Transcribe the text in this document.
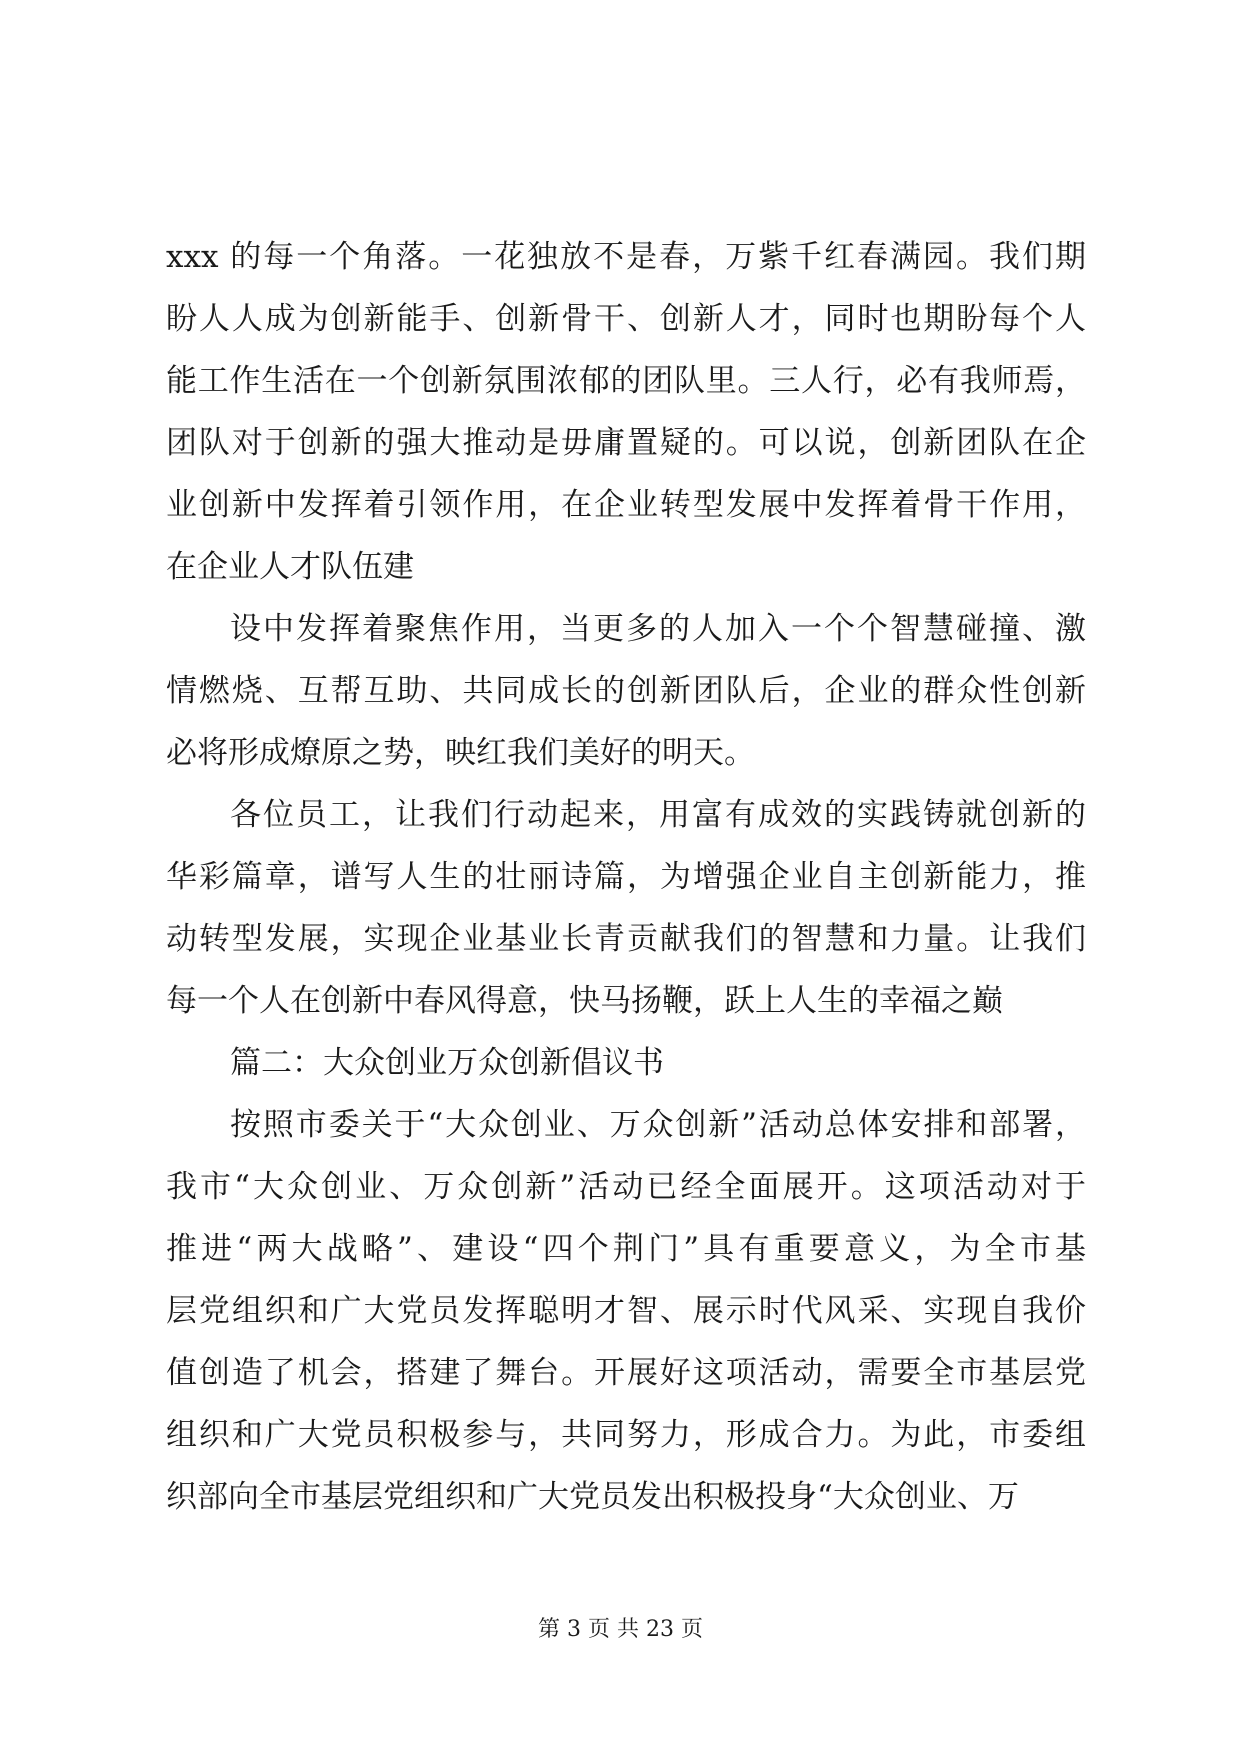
xxx 的每一个角落。一花独放不是春，万紫千红春满园。我们期
盼人人成为创新能手、创新骨干、创新人才，同时也期盼每个人
能工作生活在一个创新氛围浓郁的团队里。三人行，必有我师焉，
团队对于创新的强大推动是毋庸置疑的。可以说，创新团队在企
业创新中发挥着引领作用，在企业转型发展中发挥着骨干作用，
在企业人才队伍建
设中发挥着聚焦作用，当更多的人加入一个个智慧碰撞、激
情燃烧、互帮互助、共同成长的创新团队后，企业的群众性创新
必将形成燎原之势，映红我们美好的明天。
各位员工，让我们行动起来，用富有成效的实践铸就创新的
华彩篇章，谱写人生的壮丽诗篇，为增强企业自主创新能力，推
动转型发展，实现企业基业长青贡献我们的智慧和力量。让我们
每一个人在创新中春风得意，快马扬鞭，跃上人生的幸福之巅
篇二：大众创业万众创新倡议书
按照市委关于“大众创业、万众创新”活动总体安排和部署，
我市“大众创业、万众创新”活动已经全面展开。这项活动对于
推进“两大战略”、建设“四个荆门”具有重要意义，为全市基
层党组织和广大党员发挥聪明才智、展示时代风采、实现自我价
值创造了机会，搭建了舞台。开展好这项活动，需要全市基层党
组织和广大党员积极参与，共同努力，形成合力。为此，市委组
织部向全市基层党组织和广大党员发出积极投身“大众创业、万
第 3 页 共 23 页
